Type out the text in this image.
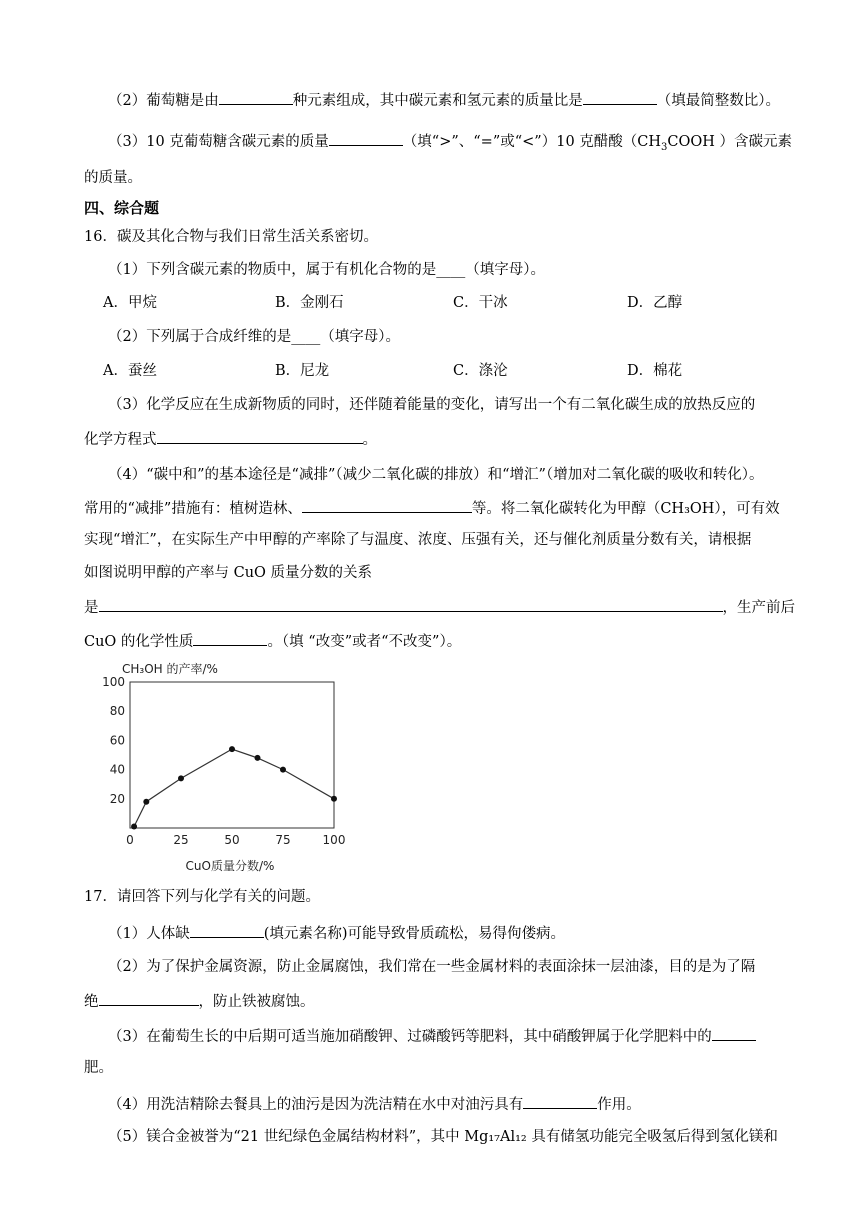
（2）葡萄糖是由	种元素组成，其中碳元素和氢元素的质量比是	（填最简整数比）。
（3）10 克葡萄糖含碳元素的质量	（填“>”、“=”或“<”）10 克醋酸（$CH_3COOH$ ）含碳元素
的质量。
四、综合题
16．碳及其化合物与我们日常生活关系密切。
（1）下列含碳元素的物质中，属于有机化合物的是____（填字母）。
A．甲烷	B．金刚石	C．干冰	D．乙醇
（2）下列属于合成纤维的是____（填字母）。
A．蚕丝	B．尼龙	C．涤沦	D．棉花
（3）化学反应在生成新物质的同时，还伴随着能量的变化，请写出一个有二氧化碳生成的放热反应的
化学方程式	。
（4）“碳中和”的基本途径是“减排”（减少二氧化碳的排放）和“增汇”（增加对二氧化碳的吸收和转化）。
常用的“减排”措施有：植树造林、	等。将二氧化碳转化为甲醇（CH₃OH），可有效
实现“增汇”，在实际生产中甲醇的产率除了与温度、浓度、压强有关，还与催化剂质量分数有关，请根据
如图说明甲醇的产率与 CuO 质量分数的关系
是	，生产前后
CuO 的化学性质	。（填 “改变”或者“不改变”）。
CH₃OH 的产率/%
20
40
60
80
100
0	25	50	75	100
CuO质量分数/%
17．请回答下列与化学有关的问题。
（1）人体缺	(填元素名称)可能导致骨质疏松，易得佝偻病。
（2）为了保护金属资源，防止金属腐蚀，我们常在一些金属材料的表面涂抹一层油漆，目的是为了隔
绝	，防止铁被腐蚀。
（3）在葡萄生长的中后期可适当施加硝酸钾、过磷酸钙等肥料，其中硝酸钾属于化学肥料中的
肥。
（4）用洗洁精除去餐具上的油污是因为洗洁精在水中对油污具有	作用。
（5）镁合金被誉为“21 世纪绿色金属结构材料”，其中 Mg₁₇Al₁₂ 具有储氢功能完全吸氢后得到氢化镁和
